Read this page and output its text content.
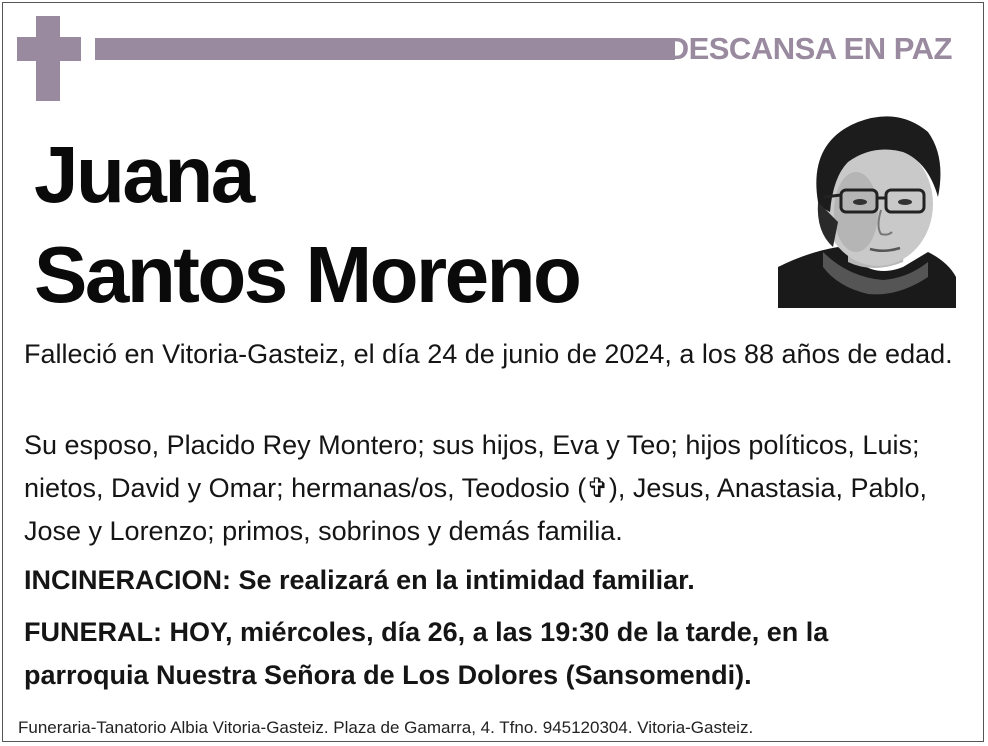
DESCANSA EN PAZ
Juana
Santos Moreno

Falleció en Vitoria-Gasteiz, el día 24 de junio de 2024, a los 88 años de edad.

Su esposo, Placido Rey Montero; sus hijos, Eva y Teo; hijos políticos, Luis; nietos, David y Omar; hermanas/os, Teodosio (✞), Jesus, Anastasia, Pablo, Jose y Lorenzo; primos, sobrinos y demás familia.

INCINERACION: Se realizará en la intimidad familiar.

FUNERAL: HOY, miércoles, día 26, a las 19:30 de la tarde, en la parroquia Nuestra Señora de Los Dolores (Sansomendi).

Funeraria-Tanatorio Albia Vitoria-Gasteiz. Plaza de Gamarra, 4. Tfno. 945120304. Vitoria-Gasteiz.
